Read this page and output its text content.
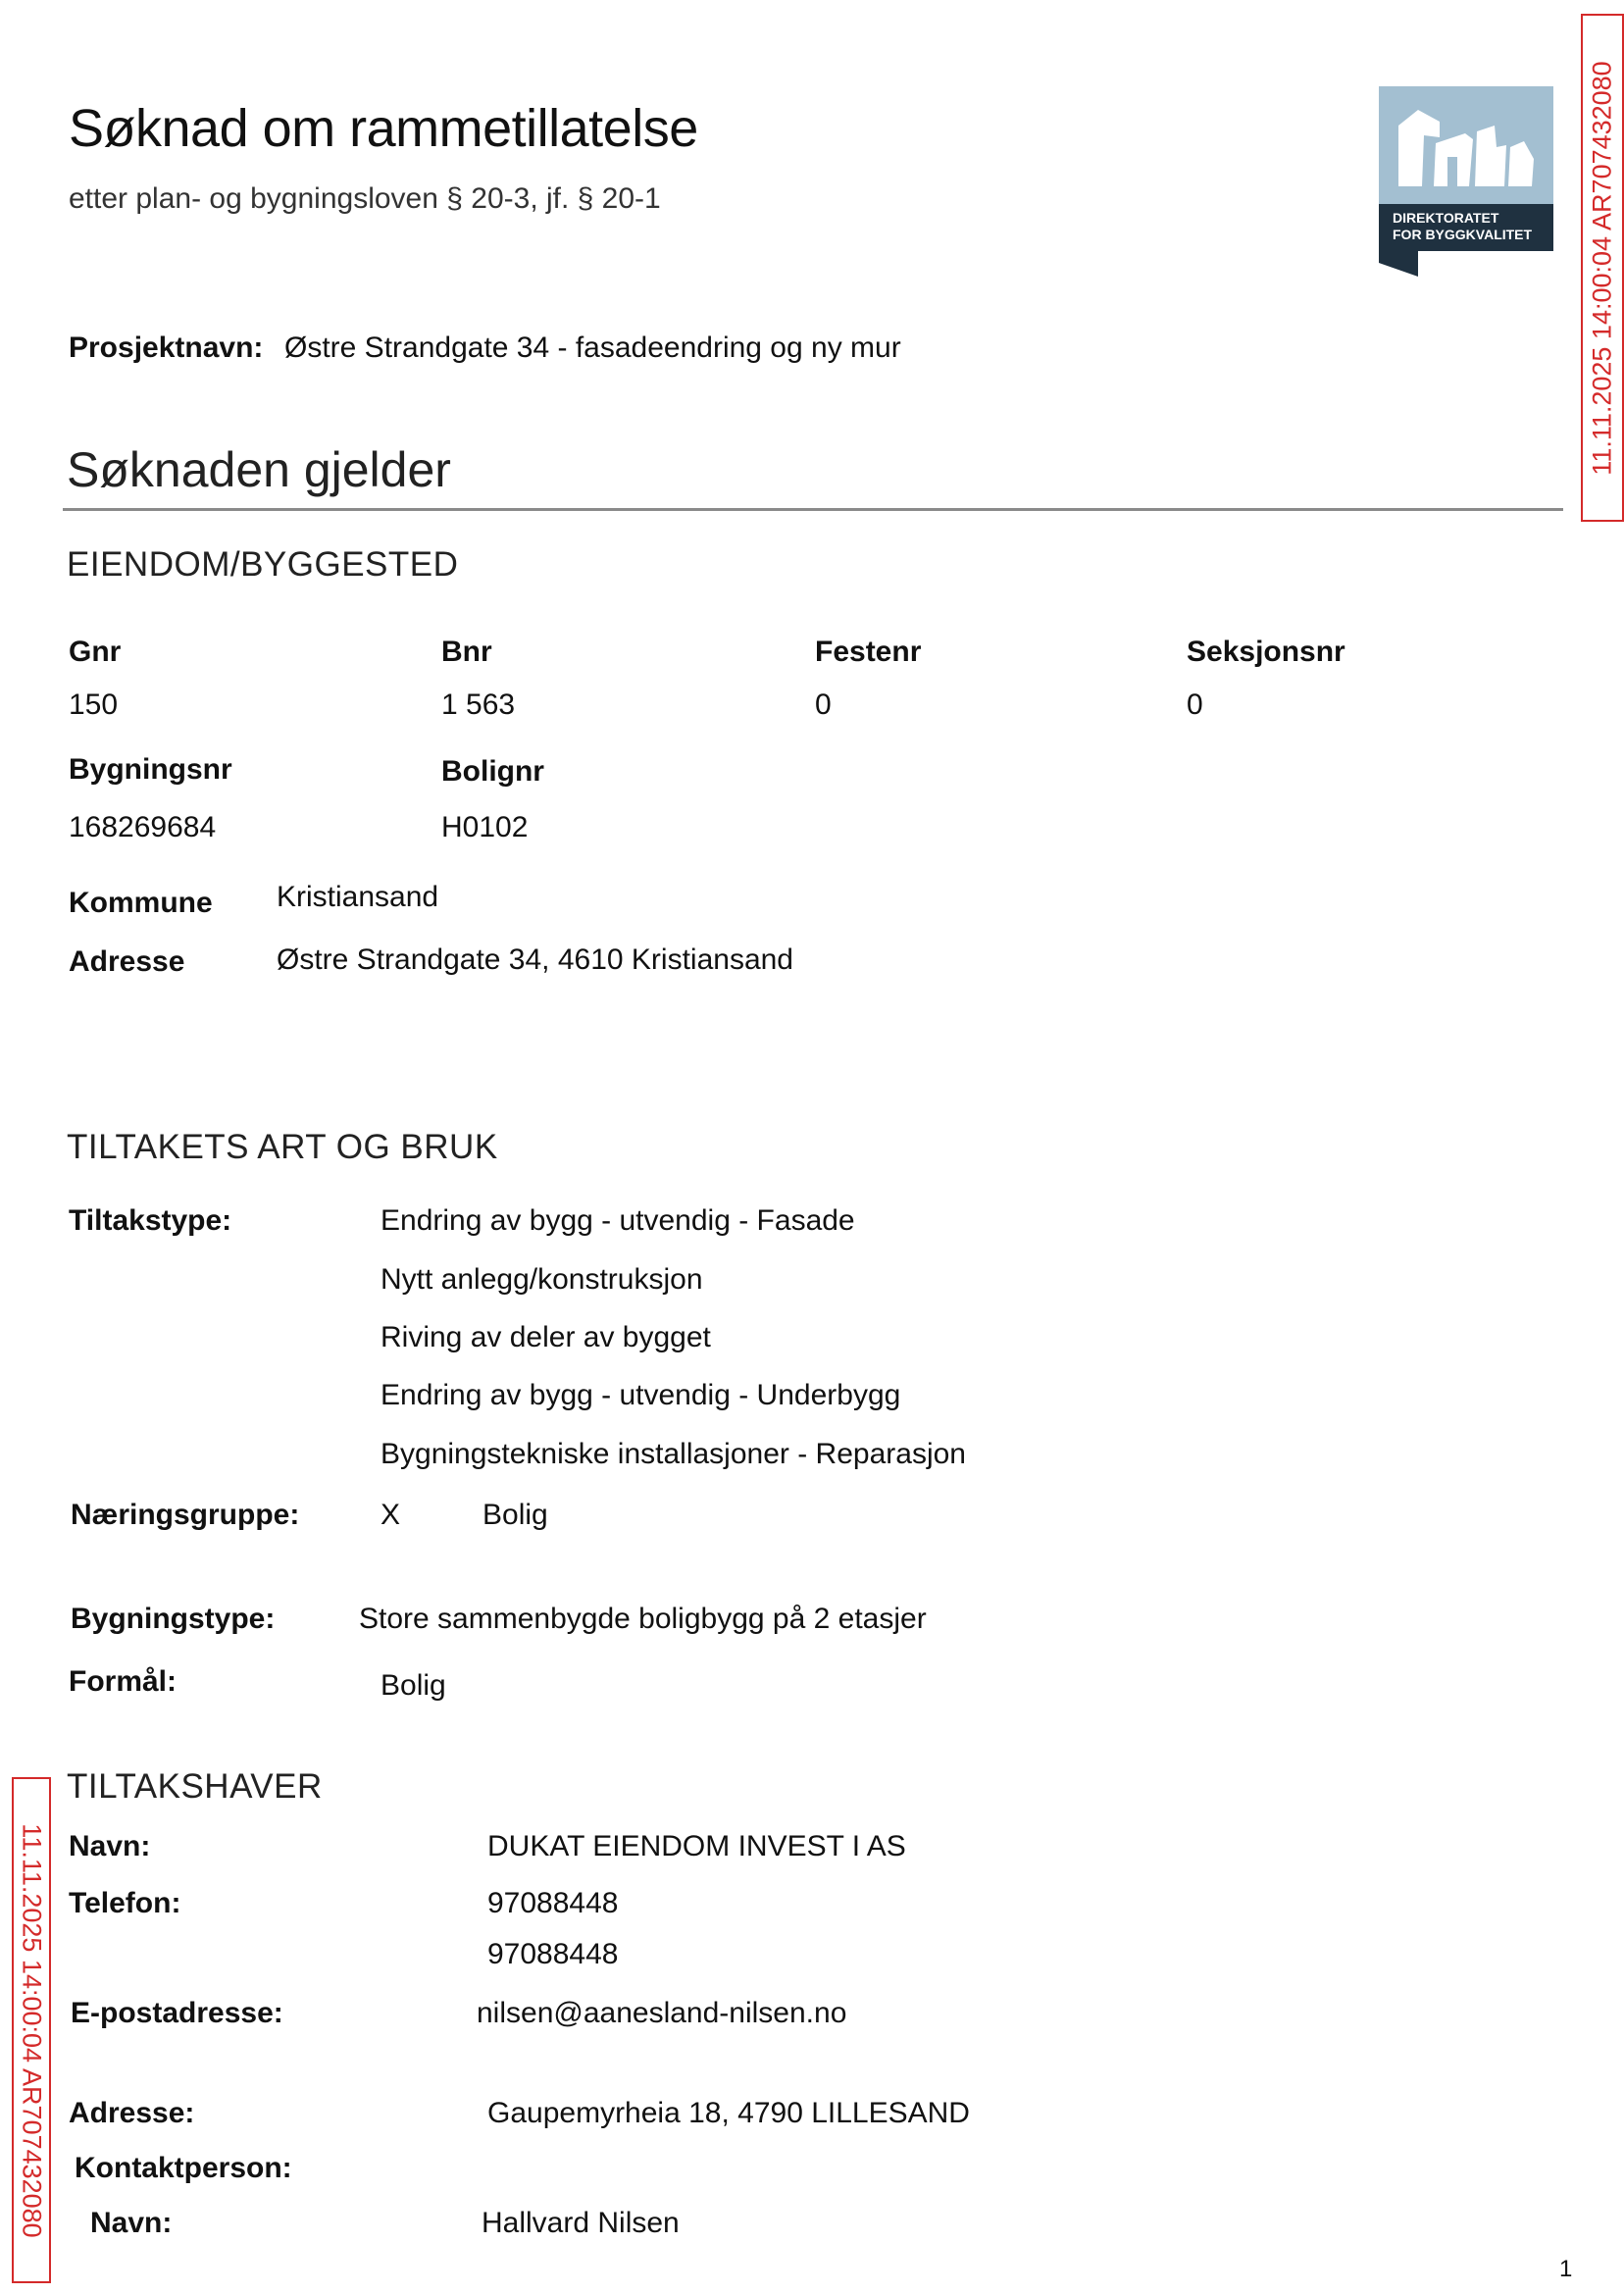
Søknad om rammetillatelse
etter plan- og bygningsloven § 20-3, jf. § 20-1
DIREKTORATET
FOR BYGGKVALITET 11.11.2025 14:00:04 AR707432080
Prosjektnavn: Østre Strandgate 34 - fasadeendring og ny mur
Søknaden gjelder
EIENDOM/BYGGESTED
Gnr	Bnr	Festenr	Seksjonsnr
150	1 563	0	0
Bygningsnr	Bolignr
168269684	H0102
Kommune Kristiansand
Adresse	Østre Strandgate 34, 4610 Kristiansand
TILTAKETS ART OG BRUK
Tiltakstype:	Endring av bygg - utvendig - Fasade
Nytt anlegg/konstruksjon
Riving av deler av bygget
Endring av bygg - utvendig - Underbygg
Bygningstekniske installasjoner - Reparasjon
Næringsgruppe:	X	Bolig
Bygningstype:	Store sammenbygde boligbygg på 2 etasjer
Formål:	Bolig
11.11.2025 14:00:04 AR707432080
TILTAKSHAVER
Navn:	DUKAT EIENDOM INVEST I AS
Telefon:	97088448
97088448
E-postadresse:	nilsen@aanesland-nilsen.no
Adresse:	Gaupemyrheia 18, 4790 LILLESAND
Kontaktperson:
Navn:	Hallvard Nilsen
1
